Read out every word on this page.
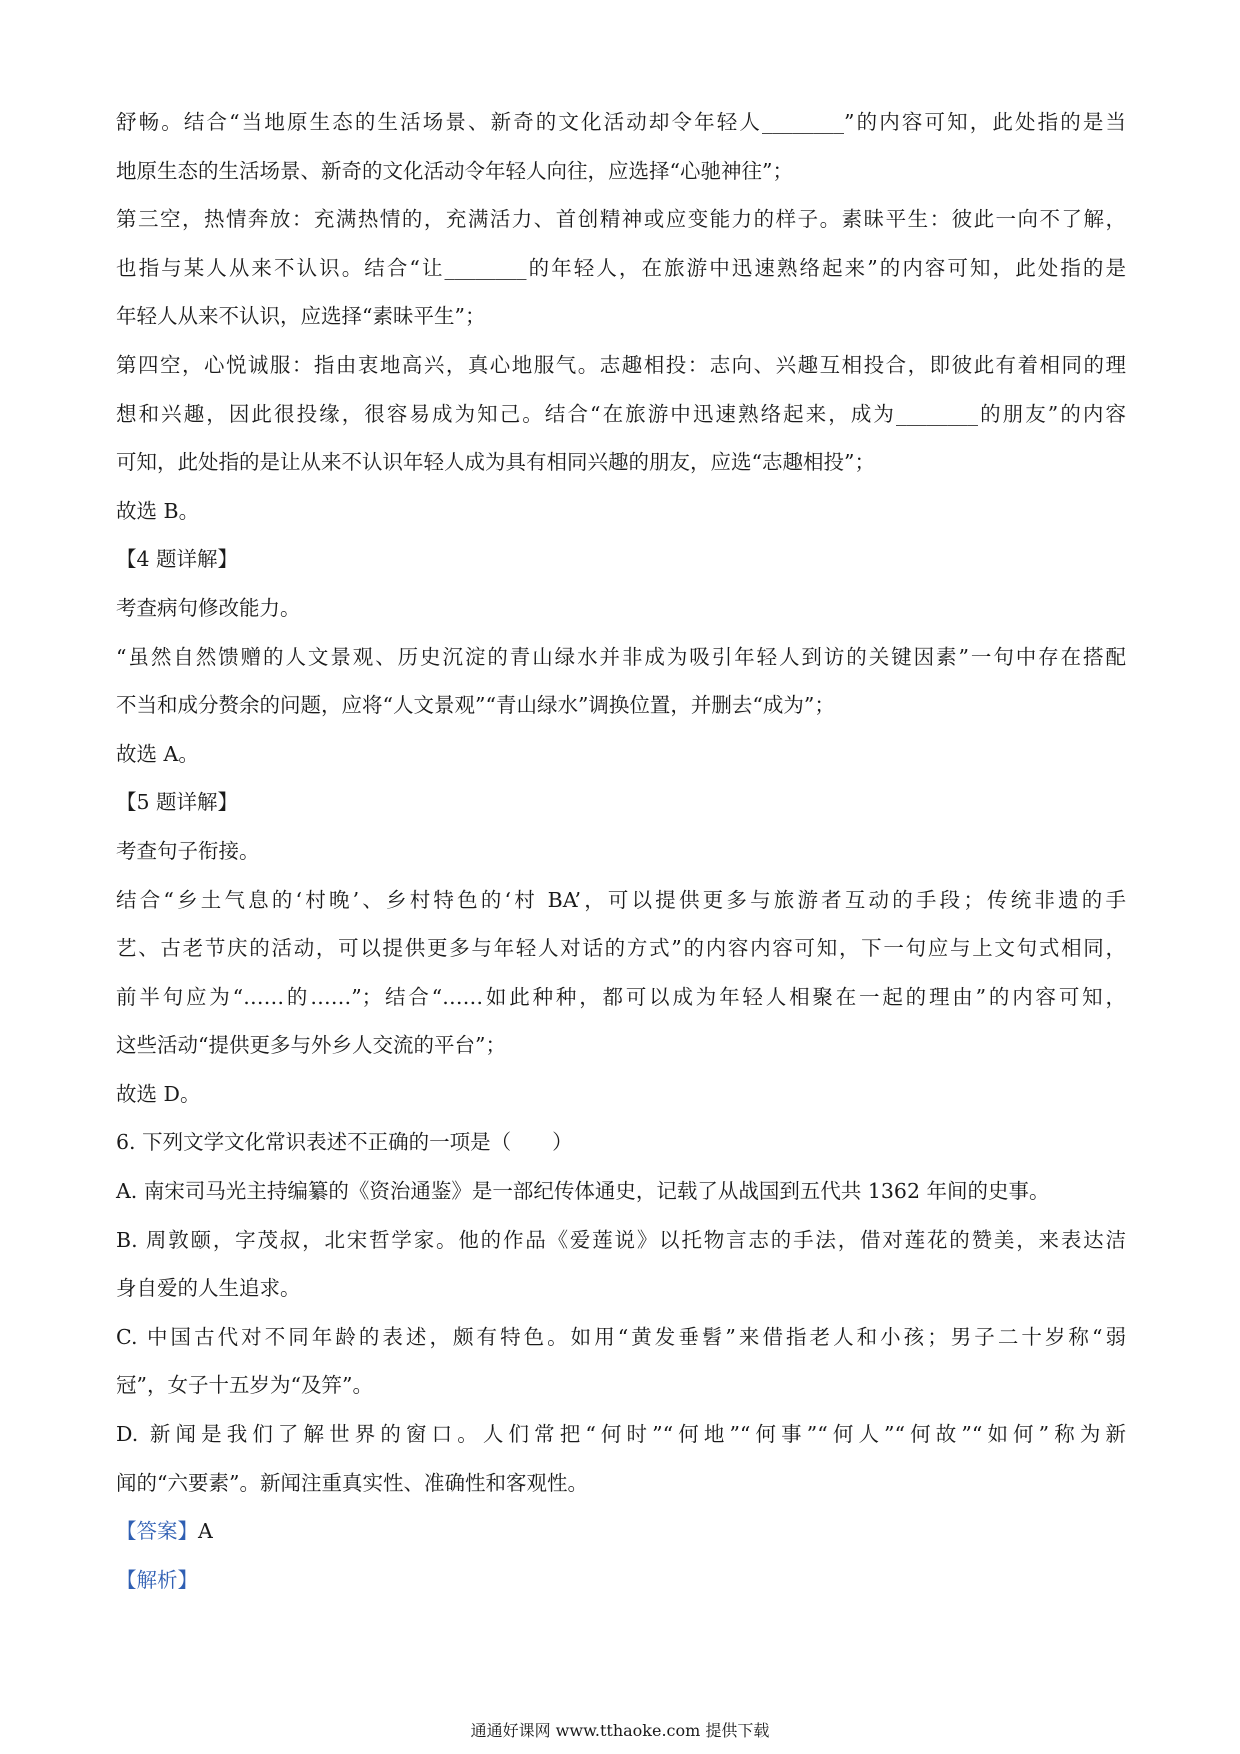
舒畅。结合“当地原生态的生活场景、新奇的文化活动却令年轻人________”的内容可知，此处指的是当
地原生态的生活场景、新奇的文化活动令年轻人向往，应选择“心驰神往”；
第三空，热情奔放：充满热情的，充满活力、首创精神或应变能力的样子。素昧平生：彼此一向不了解，
也指与某人从来不认识。结合“让________的年轻人，在旅游中迅速熟络起来”的内容可知，此处指的是
年轻人从来不认识，应选择“素昧平生”；
第四空，心悦诚服：指由衷地高兴，真心地服气。志趣相投：志向、兴趣互相投合，即彼此有着相同的理
想和兴趣，因此很投缘，很容易成为知己。结合“在旅游中迅速熟络起来，成为________的朋友”的内容
可知，此处指的是让从来不认识年轻人成为具有相同兴趣的朋友，应选“志趣相投”；
故选 B。
【4 题详解】
考查病句修改能力。
“虽然自然馈赠的人文景观、历史沉淀的青山绿水并非成为吸引年轻人到访的关键因素”一句中存在搭配
不当和成分赘余的问题，应将“人文景观”“青山绿水”调换位置，并删去“成为”；
故选 A。
【5 题详解】
考查句子衔接。
结合“乡土气息的‘村晚’、乡村特色的‘村 BA’，可以提供更多与旅游者互动的手段；传统非遗的手
艺、古老节庆的活动，可以提供更多与年轻人对话的方式”的内容内容可知，下一句应与上文句式相同，
前半句应为“……的……”；结合“……如此种种，都可以成为年轻人相聚在一起的理由”的内容可知，
这些活动“提供更多与外乡人交流的平台”；
故选 D。
6. 下列文学文化常识表述不正确的一项是（　　）
A. 南宋司马光主持编纂的《资治通鉴》是一部纪传体通史，记载了从战国到五代共 1362 年间的史事。
B. 周敦颐，字茂叔，北宋哲学家。他的作品《爱莲说》以托物言志的手法，借对莲花的赞美，来表达洁
身自爱的人生追求。
C. 中国古代对不同年龄的表述，颇有特色。如用“黄发垂髫”来借指老人和小孩；男子二十岁称“弱
冠”，女子十五岁为“及笄”。
D. 新闻是我们了解世界的窗口。人们常把“何时”“何地”“何事”“何人”“何故”“如何”称为新
闻的“六要素”。新闻注重真实性、准确性和客观性。
【答案】A
【解析】
通通好课网 www.tthaoke.com 提供下载
